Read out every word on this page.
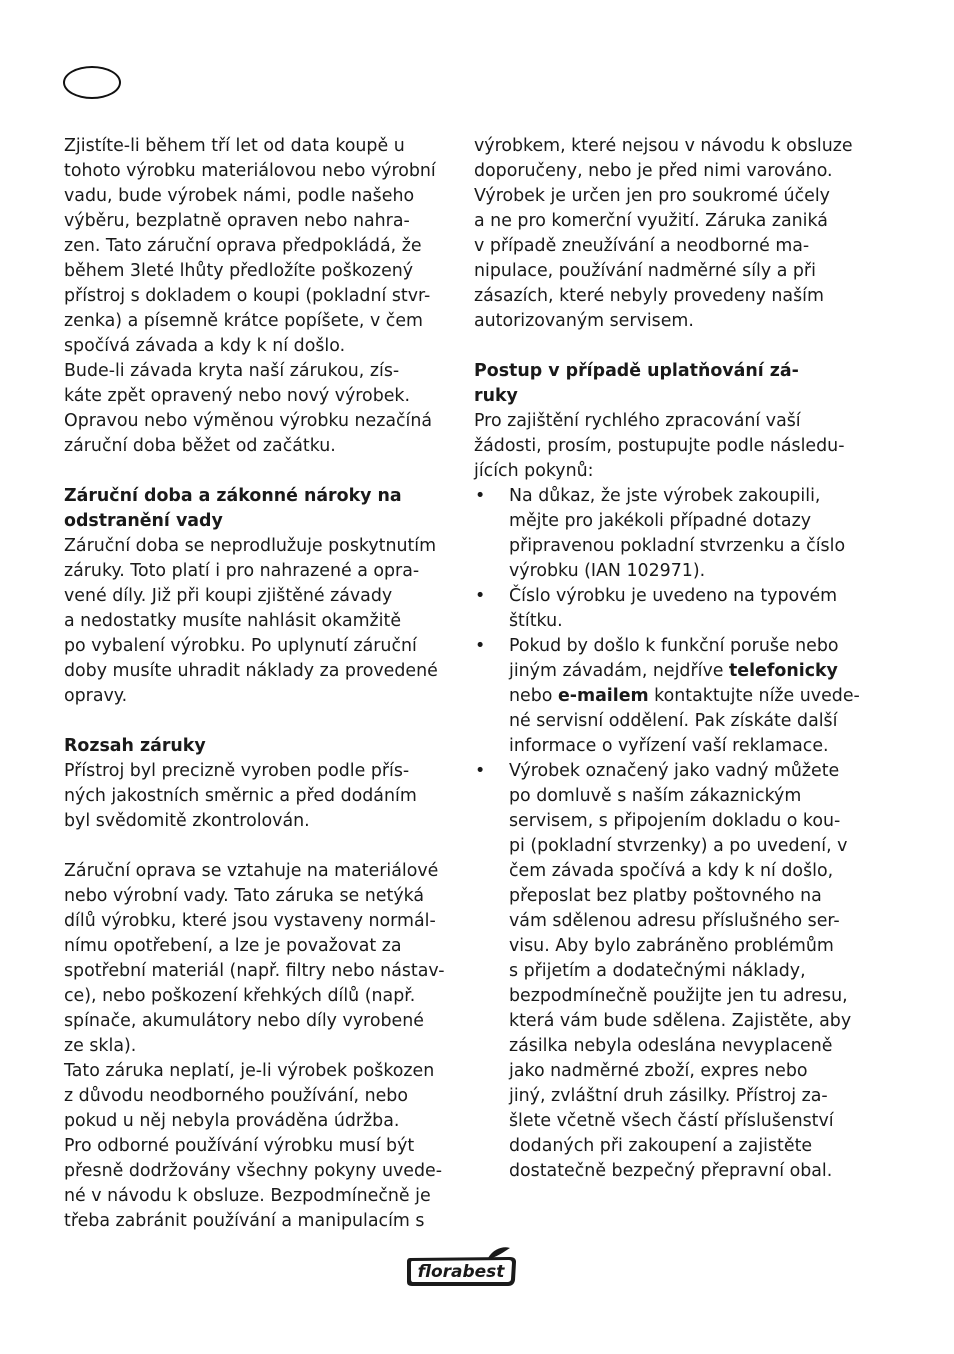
Zjistíte-li během tří let od data koupě u
tohoto výrobku materiálovou nebo výrobní
vadu, bude výrobek námi, podle našeho
výběru, bezplatně opraven nebo nahra-
zen. Tato záruční oprava předpokládá, že
během 3leté lhůty předložíte poškozený
přístroj s dokladem o koupi (pokladní stvr-
zenka) a písemně krátce popíšete, v čem
spočívá závada a kdy k ní došlo.
Bude-li závada kryta naší zárukou, zís-
káte zpět opravený nebo nový výrobek.
Opravou nebo výměnou výrobku nezačíná
záruční doba běžet od začátku.
Záruční doba a zákonné nároky na
odstranění vady
Záruční doba se neprodlužuje poskytnutím
záruky. Toto platí i pro nahrazené a opra-
vené díly. Již při koupi zjištěné závady
a nedostatky musíte nahlásit okamžitě
po vybalení výrobku. Po uplynutí záruční
doby musíte uhradit náklady za provedené
opravy.
Rozsah záruky
Přístroj byl precizně vyroben podle přís-
ných jakostních směrnic a před dodáním
byl svědomitě zkontrolován.
Záruční oprava se vztahuje na materiálové
nebo výrobní vady. Tato záruka se netýká
dílů výrobku, které jsou vystaveny normál-
nímu opotřebení, a lze je považovat za
spotřební materiál (např. filtry nebo nástav-
ce), nebo poškození křehkých dílů (např.
spínače, akumulátory nebo díly vyrobené
ze skla).
Tato záruka neplatí, je-li výrobek poškozen
z důvodu neodborného používání, nebo
pokud u něj nebyla prováděna údržba.
Pro odborné používání výrobku musí být
přesně dodržovány všechny pokyny uvede-
né v návodu k obsluze. Bezpodmínečně je
třeba zabránit používání a manipulacím s
výrobkem, které nejsou v návodu k obsluze
doporučeny, nebo je před nimi varováno.
Výrobek je určen jen pro soukromé účely
a ne pro komerční využití. Záruka zaniká
v případě zneužívání a neodborné ma-
nipulace, používání nadměrné síly a při
zásazích, které nebyly provedeny naším
autorizovaným servisem.
Postup v případě uplatňování zá-
ruky
Pro zajištění rychlého zpracování vaší
žádosti, prosím, postupujte podle následu-
jících pokynů:
• Na důkaz, že jste výrobek zakoupili,
mějte pro jakékoli případné dotazy
připravenou pokladní stvrzenku a číslo
výrobku (IAN 102971).
• Číslo výrobku je uvedeno na typovém
štítku.
• Pokud by došlo k funkční poruše nebo
jiným závadám, nejdříve telefonicky
nebo e-mailem kontaktujte níže uvede-
né servisní oddělení. Pak získáte další
informace o vyřízení vaší reklamace.
• Výrobek označený jako vadný můžete
po domluvě s naším zákaznickým
servisem, s připojením dokladu o kou-
pi (pokladní stvrzenky) a po uvedení, v
čem závada spočívá a kdy k ní došlo,
přeposlat bez platby poštovného na
vám sdělenou adresu příslušného ser-
visu. Aby bylo zabráněno problémům
s přijetím a dodatečnými náklady,
bezpodmínečně použijte jen tu adresu,
která vám bude sdělena. Zajistěte, aby
zásilka nebyla odeslána nevyplaceně
jako nadměrné zboží, expres nebo
jiný, zvláštní druh zásilky. Přístroj za-
šlete včetně všech částí příslušenství
dodaných při zakoupení a zajistěte
dostatečně bezpečný přepravní obal.
florabest
